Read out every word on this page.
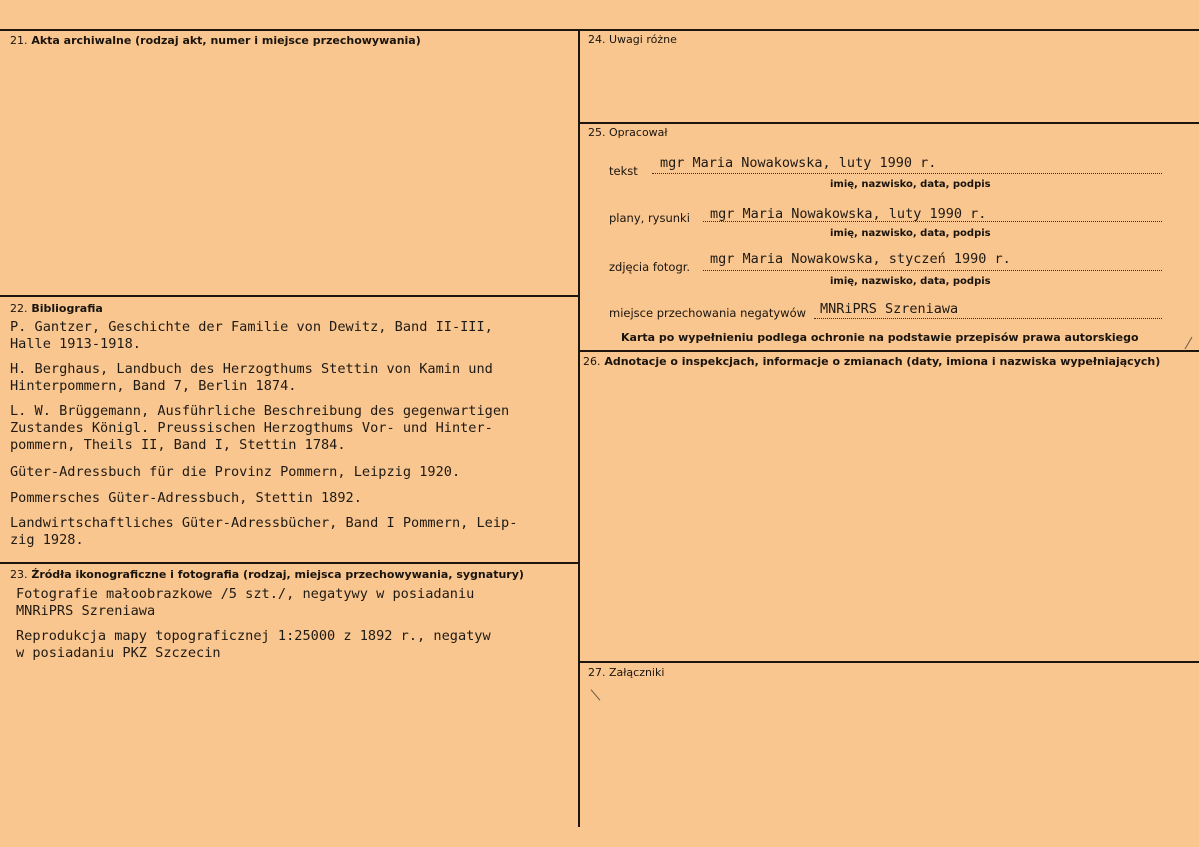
21. Akta archiwalne (rodzaj akt, numer i miejsce przechowywania)
22. Bibliografia
P. Gantzer, Geschichte der Familie von Dewitz, Band II-III,
Halle 1913-1918.
H. Berghaus, Landbuch des Herzogthums Stettin von Kamin und
Hinterpommern, Band 7, Berlin 1874.
L. W. Brüggemann, Ausführliche Beschreibung des gegenwartigen
Zustandes Königl. Preussischen Herzogthums Vor- und Hinter-
pommern, Theils II, Band I, Stettin 1784.
Güter-Adressbuch für die Provinz Pommern, Leipzig 1920.
Pommersches Güter-Adressbuch, Stettin 1892.
Landwirtschaftliches Güter-Adressbücher, Band I Pommern, Leip-
zig 1928.
23. Źródła ikonograficzne i fotografia (rodzaj, miejsca przechowywania, sygnatury)
Fotografie małoobrazkowe /5 szt./, negatywy w posiadaniu
MNRiPRS Szreniawa
Reprodukcja mapy topograficznej 1:25000 z 1892 r., negatyw
w posiadaniu PKZ Szczecin
24. Uwagi różne
25. Opracował
tekst mgr Maria Nowakowska, luty 1990 r.
imię, nazwisko, data, podpis
plany, rysunki mgr Maria Nowakowska, luty 1990 r.
imię, nazwisko, data, podpis
zdjęcia fotogr. mgr Maria Nowakowska, styczeń 1990 r.
imię, nazwisko, data, podpis
miejsce przechowania negatywów MNRiPRS Szreniawa
Karta po wypełnieniu podlega ochronie na podstawie przepisów prawa autorskiego
26. Adnotacje o inspekcjach, informacje o zmianach (daty, imiona i nazwiska wypełniających)
27. Załączniki
